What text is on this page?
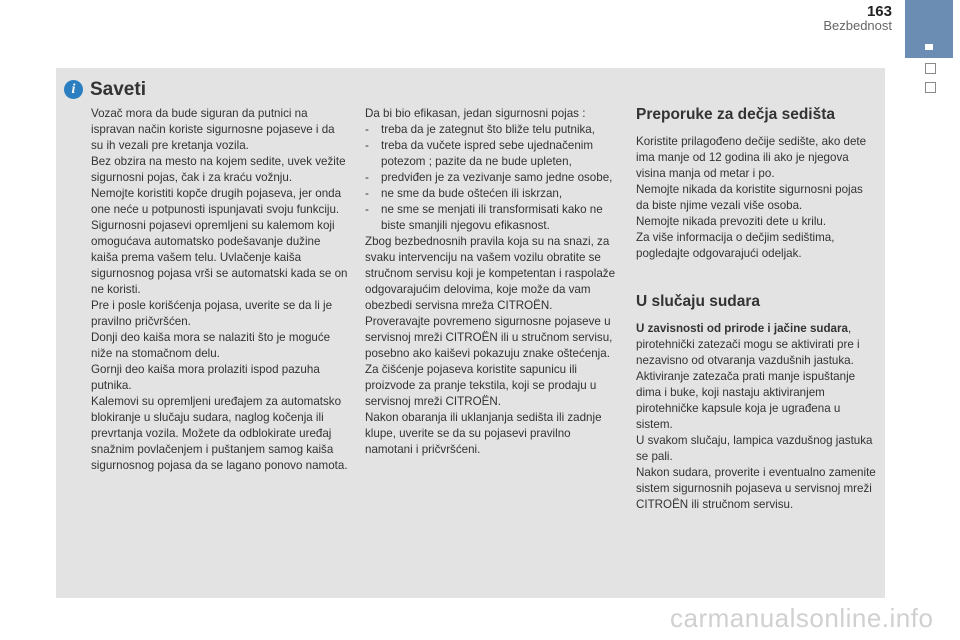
163
Bezbednost
i Saveti

Vozač mora da bude siguran da putnici na ispravan način koriste sigurnosne pojaseve i da su ih vezali pre kretanja vozila.

Bez obzira na mesto na kojem sedite, uvek vežite sigurnosni pojas, čak i za kraću vožnju.

Nemojte koristiti kopče drugih pojaseva, jer onda one neće u potpunosti ispunjavati svoju funkciju.

Sigurnosni pojasevi opremljeni su kalemom koji omogućava automatsko podešavanje dužine kaiša prema vašem telu. Uvlačenje kaiša sigurnosnog pojasa vrši se automatski kada se on ne koristi.

Pre i posle korišćenja pojasa, uverite se da li je pravilno pričvršćen.

Donji deo kaiša mora se nalaziti što je moguće niže na stomačnom delu.

Gornji deo kaiša mora prolaziti ispod pazuha putnika.

Kalemovi su opremljeni uređajem za automatsko blokiranje u slučaju sudara, naglog kočenja ili prevrtanja vozila. Možete da odblokirate uređaj snažnim povlačenjem i puštanjem samog kaiša sigurnosnog pojasa da se lagano ponovo namota.

Da bi bio efikasan, jedan sigurnosni pojas :

- treba da je zategnut što bliže telu putnika,
- treba da vučete ispred sebe ujednačenim potezom ; pazite da ne bude upleten,
- predviđen je za vezivanje samo jedne osobe,
- ne sme da bude oštećen ili iskrzan,
- ne sme se menjati ili transformisati kako ne biste smanjili njegovu efikasnost.

Zbog bezbednosnih pravila koja su na snazi, za svaku intervenciju na vašem vozilu obratite se stručnom servisu koji je kompetentan i raspolaže odgovarajućim delovima, koje može da vam obezbedi servisna mreža CITROËN.

Proveravajte povremeno sigurnosne pojaseve u servisnoj mreži CITROËN ili u stručnom servisu, posebno ako kaiševi pokazuju znake oštećenja.

Za čišćenje pojaseva koristite sapunicu ili proizvode za pranje tekstila, koji se prodaju u servisnoj mreži CITROËN.

Nakon obaranja ili uklanjanja sedišta ili zadnje klupe, uverite se da su pojasevi pravilno namotani i pričvršćeni.

Preporuke za dečja sedišta

Koristite prilagođeno dečije sedište, ako dete ima manje od 12 godina ili ako je njegova visina manja od metar i po.

Nemojte nikada da koristite sigurnosni pojas da biste njime vezali više osoba.

Nemojte nikada prevoziti dete u krilu.

Za više informacija o dečjim sedištima, pogledajte odgovarajući odeljak.

U slučaju sudara

U zavisnosti od prirode i jačine sudara, pirotehnički zatezači mogu se aktivirati pre i nezavisno od otvaranja vazdušnih jastuka.

Aktiviranje zatezača prati manje ispuštanje dima i buke, koji nastaju aktiviranjem pirotehničke kapsule koja je ugrađena u sistem.

U svakom slučaju, lampica vazdušnog jastuka se pali.

Nakon sudara, proverite i eventualno zamenite sistem sigurnosnih pojaseva u servisnoj mreži CITROËN ili stručnom servisu.

carmanualsonline.info
